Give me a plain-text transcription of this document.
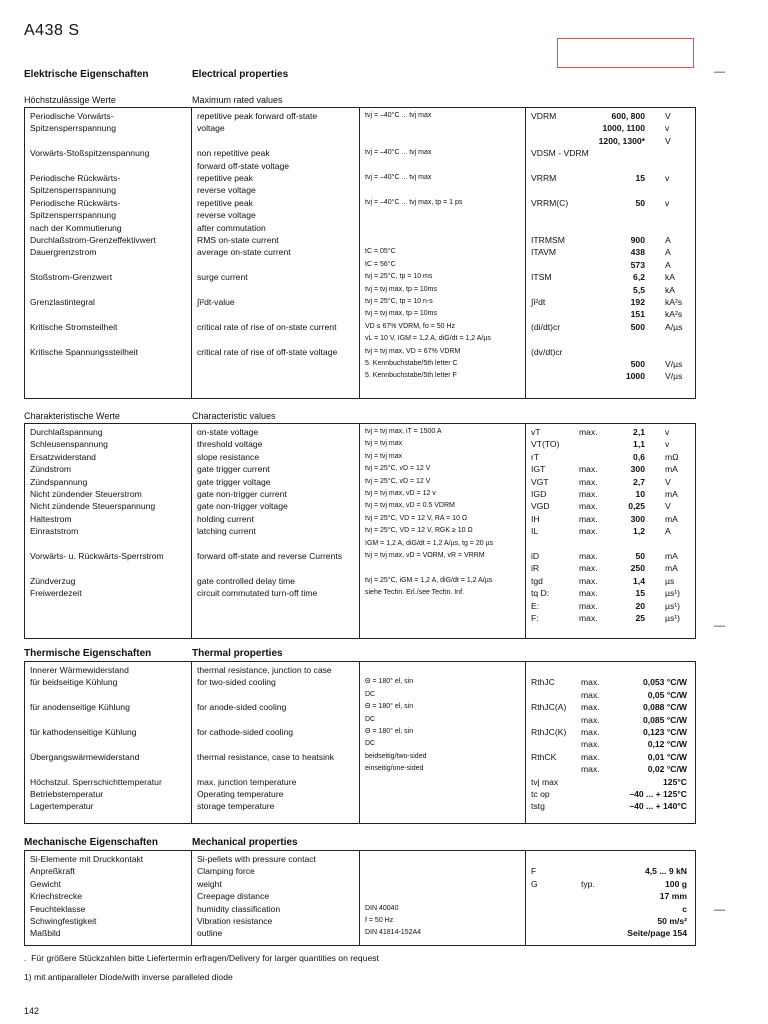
A438 S
—
—
—
Elektrische Eigenschaften	Electrical properties
Höchstzulässige Werte	Maximum rated values
Periodische Vorwärts-	repetitive peak forward off-state	tvj = –40°C ... tvj max	VDRM	600, 800 V
Spitzensperrspannung	voltage	1000, 1100 v
1200, 1300* V
Vorwärts-Stoßspitzenspannung	non repetitive peak	tvj = –40°C ... tvj max	VDSM - VDRM
forward off-state voltage
Periodische Rückwärts-	repetitive peak	tvj = –40°C ... tvj max	VRRM	15 v
Spitzensperrspannung	reverse voltage
Periodische Rückwärts-	repetitive peak	tvj = –40°C ... tvj max, tp = 1 ps	VRRM(C)	50 v
Spitzensperrspannung	reverse voltage
nach der Kommutierung	after commutation
Durchlaßstrom-Grenzeffektivwert	RMS on-state current	ITRMSM	900 A
Dauergrenzstrom	average on-state current	tC = 05°C	ITAVM	438 A
tC = 56°C	573 A
Stoßstrom-Grenzwert	surge current	tvj = 25°C, tp = 10 ms	ITSM	6,2 kA
tvj = tvj max, tp = 10ms	5,5 kA
Grenzlastintegral	∫i²dt-value	tvj = 25°C, tp = 10 n-s	∫i²dt	192 kA²s
tvj = tvj max, tp = 10ms	151 kA²s
Kritische Stromsteilheit	critical rate of rise of on-state current	VD ≤ 67% VDRM, fo = 50 Hz	(di/dt)cr	500 A/µs
vL = 10 V, IGM = 1,2 A, diG/dt = 1,2 A/µs
Kritische Spannungssteilheit	critical rate of rise of off-state voltage	tvj = tvj max, VD = 67% VDRM	(dv/dt)cr
5. Kennbuchstabe/5th letter C	500 V/µs
5. Kennbuchstabe/5th letter F	1000 V/µs
Charakteristische Werte	Characteristic values
Durchlaßspannung	on-state voltage	tvj = tvj max, iT = 1500 A	vT	max.	2,1 v
Schleusenspannung	threshold voltage	tvj = tvj max	VT(TO)	1,1 v
Ersatzwiderstand	slope resistance	tvj = tvj max	rT	0,6 mΩ
Zündstrom	gate trigger current	tvj = 25°C, vD = 12 V	IGT	max.	300 mA
Zündspannung	gate trigger voltage	tvj = 25°C, vD = 12 V	VGT	max.	2,7 V
Nicht zündender Steuerstrom	gate non-trigger current	tvj = tvj max, vD = 12 v	IGD	max.	10 mA
Nicht zündende Steuerspannung	gate non-trigger voltage	tvj = tvj max, vD = 0.5 VDRM	VGD	max.	0,25 V
Haltestrom	holding current	tvj = 25°C, VD = 12 V, RA = 10 Ω	IH	max.	300 mA
Einraststrom	latching current	tvj = 25°C, VD = 12 V, RGK ≥ 10 Ω	IL	max.	1,2 A
IGM = 1,2 A, diG/dt = 1,2 A/µs, tg = 20 µs
Vorwärts- u. Rückwärts-Sperrstrom	forward off-state and reverse Currents	tvj = tvj max, vD = VORM, vR = VRRM	iD	max.	50 mA
iR	max.	250 mA
Zündverzug	gate controlled delay time	tvj = 25°C, iGM = 1,2 A, diG/dt = 1,2 A/µs	tgd	max.	1,4 µs
Freiwerdezeit	circuit commutated turn-off time	siehe Techn. Erl./see Techn. Inf.	tq D:	max.	15 µs¹)
E:	max.	20 µs¹)
F:	max.	25 µs¹)
Thermische Eigenschaften	Thermal properties
Innerer Wärmewiderstand	thermal resistance, junction to case
für beidseitige Kühlung	for two-sided cooling	Θ = 180° el, sin	RthJC	max.	0,053 °C/W
DC	max.	0,05 °C/W
für anodenseitige Kühlung	for anode-sided cooling	Θ = 180° el, sin	RthJC(A) max.	0,088 °C/W
DC	max.	0,085 °C/W
für kathodenseitige Kühlung	for cathode-sided cooling	Θ = 180° el, sin	RthJC(K) max.	0,123 °C/W
DC	max.	0,12 °C/W
Übergangswärmewiderstand	thermal resistance, case to heatsink	beidseitig/two-sided	RthCK	max.	0,01 °C/W
einseitig/one-sided	max.	0,02 °C/W
Höchstzul. Sperrschichttemperatur	max. junction temperature	tvj max	125°C
Betriebstemperatur	Operating temperature	tc op	–40 ... + 125°C
Lagertemperatur	storage temperature	tstg	–40 ... + 140°C
Mechanische Eigenschaften	Mechanical properties
Si-Elemente mit Druckkontakt	Si-pellets with pressure contact
Anpreßkraft	Clamping force	F	4,5 ... 9 kN
Gewicht	weight	G	typ.	100 g
Kriechstrecke	Creepage distance	17 mm
Feuchteklasse	humidity classification	DIN 40040	c
Schwingfestigkeit	Vibration resistance	f = 50 Hz	50 m/s²
Maßbild	outline	DIN 41814-152A4	Seite/page 154
.  Für größere Stückzahlen bitte Liefertermin erfragen/Delivery for larger quantities on request
1) mit antiparalleler Diode/with inverse paralleled diode
142
